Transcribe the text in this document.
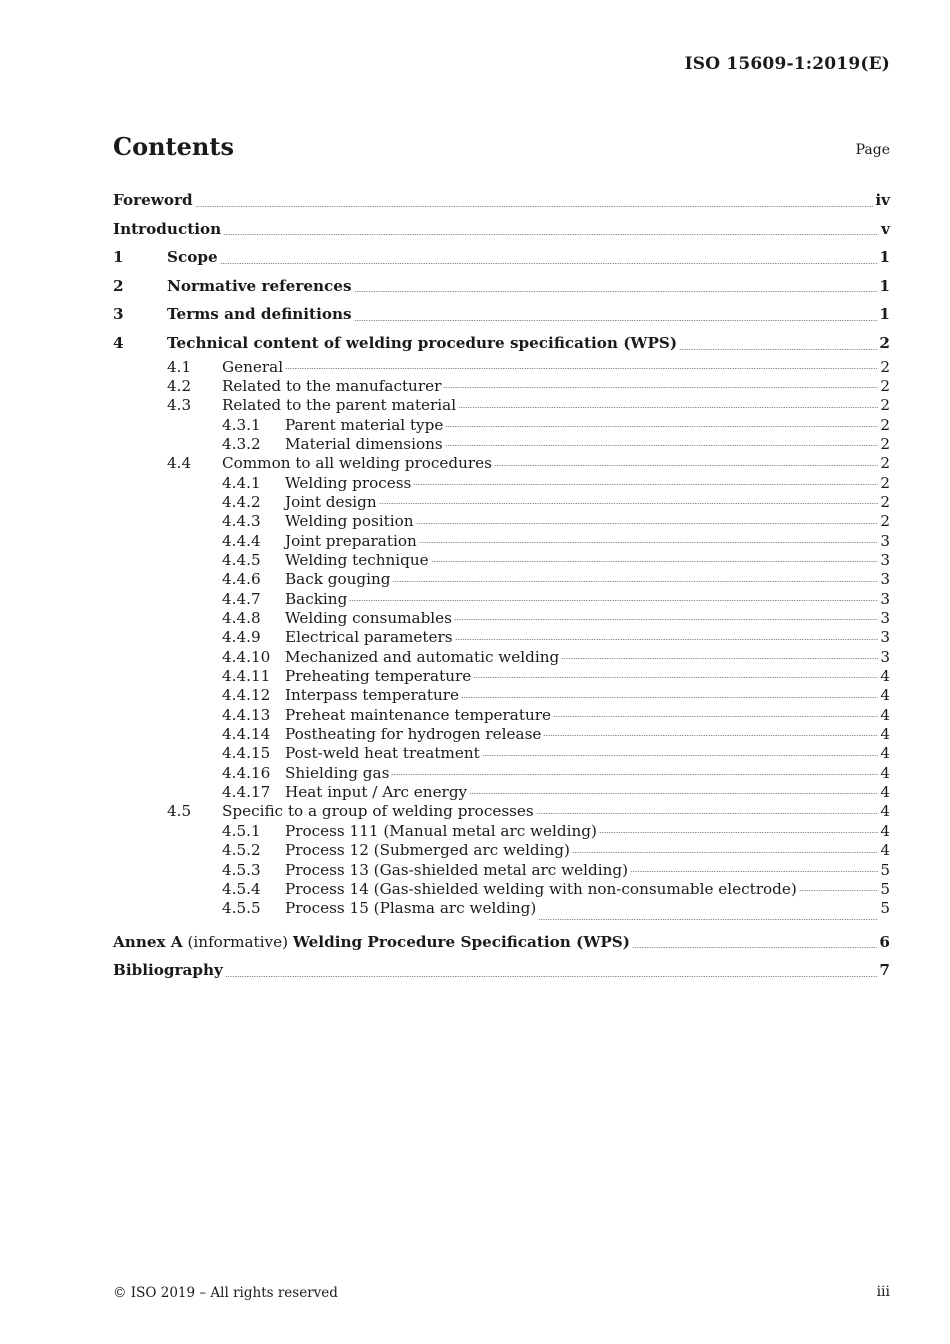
ISO 15609-1:2019(E)
Contents	Page
Foreword	iv
Introduction	v
1	Scope	1
2	Normative references	1
3	Terms and definitions	1
4	Technical content of welding procedure specification (WPS)	2
4.1	General	2
4.2	Related to the manufacturer	2
4.3	Related to the parent material	2
4.3.1	Parent material type	2
4.3.2	Material dimensions	2
4.4	Common to all welding procedures	2
4.4.1	Welding process	2
4.4.2	Joint design	2
4.4.3	Welding position	2
4.4.4	Joint preparation	3
4.4.5	Welding technique	3
4.4.6	Back gouging	3
4.4.7	Backing	3
4.4.8	Welding consumables	3
4.4.9	Electrical parameters	3
4.4.10 Mechanized and automatic welding	3
4.4.11 Preheating temperature	4
4.4.12 Interpass temperature	4
4.4.13 Preheat maintenance temperature	4
4.4.14 Postheating for hydrogen release	4
4.4.15 Post-weld heat treatment	4
4.4.16 Shielding gas	4
4.4.17 Heat input / Arc energy	4
4.5	Specific to a group of welding processes	4
4.5.1	Process 111 (Manual metal arc welding)	4
4.5.2	Process 12 (Submerged arc welding)	4
4.5.3	Process 13 (Gas-shielded metal arc welding)	5
4.5.4	Process 14 (Gas-shielded welding with non-consumable electrode)	5
4.5.5	Process 15 (Plasma arc welding)	5
Annex A (informative) Welding Procedure Specification (WPS)	6
Bibliography	7
© ISO 2019 – All rights reserved	iii
